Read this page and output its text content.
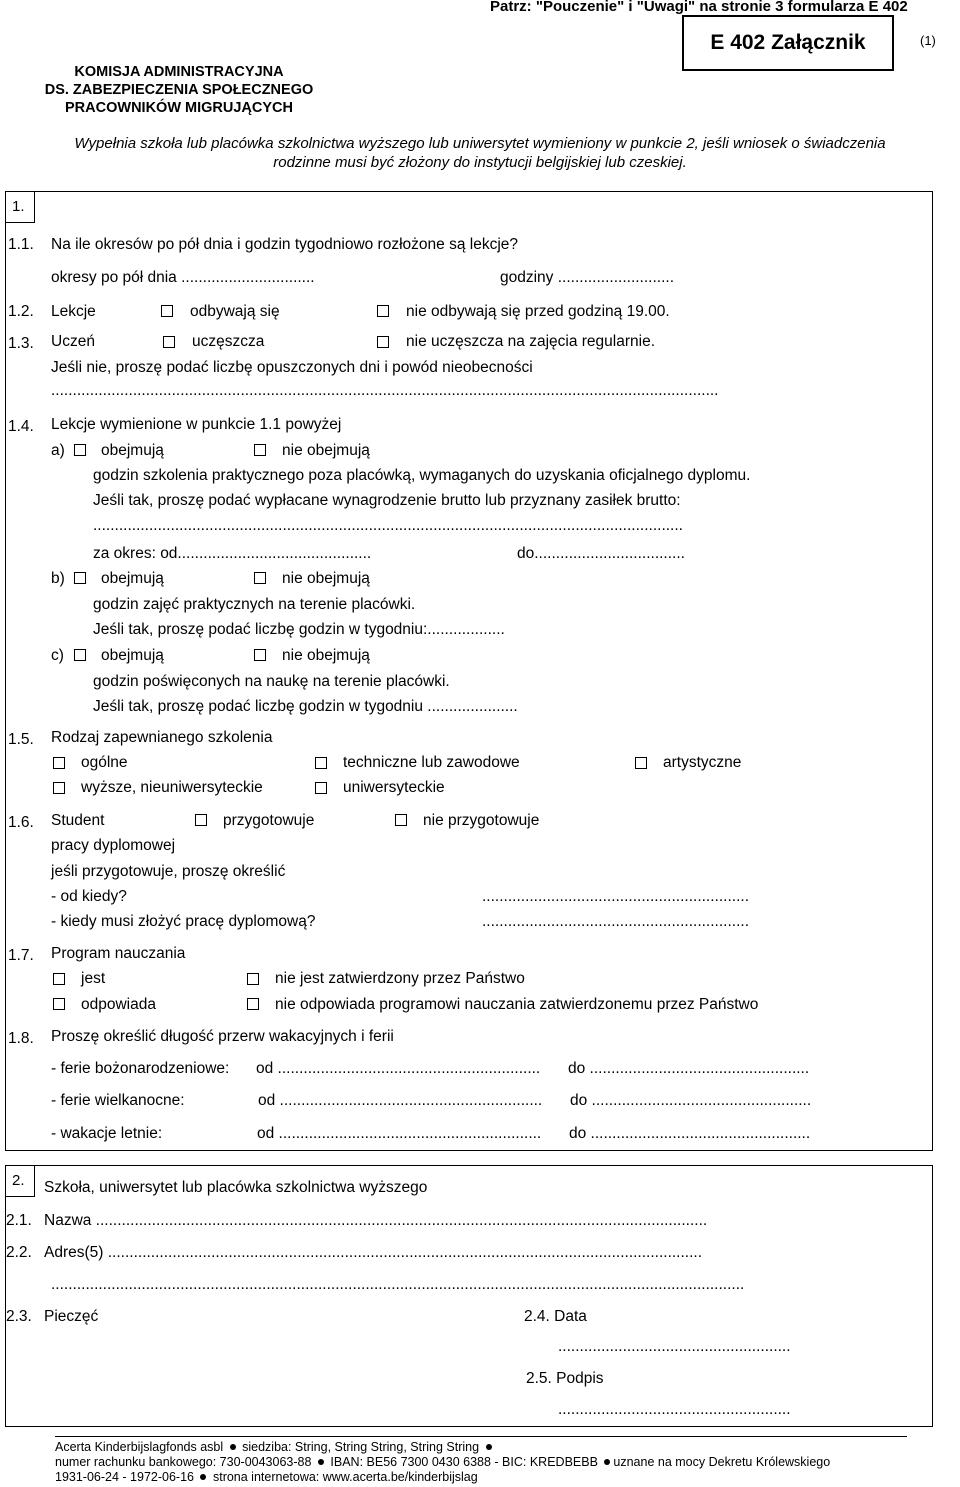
Patrz: "Pouczenie" i "Uwagi" na stronie 3 formularza E 402
KOMISJA ADMINISTRACYJNA
DS. ZABEZPIECZENIA SPOŁECZNEGO
PRACOWNIKÓW MIGRUJĄCYCH
E 402 Załącznik	(1)
Wypełnia szkoła lub placówka szkolnictwa wyższego lub uniwersytet wymieniony w punkcie 2, jeśli wniosek o świadczenia
rodzinne musi być złożony do instytucji belgijskiej lub czeskiej.
1.
1.1. Na ile okresów po pół dnia i godzin tygodniowo rozłożone są lekcje?
okresy po pół dnia ...............................	godziny ...........................
1.2. Lekcje	odbywają się	nie odbywają się przed godziną 19.00.
1.3. Uczeń	uczęszcza	nie uczęszcza na zajęcia regularnie.
Jeśli nie, proszę podać liczbę opuszczonych dni i powód nieobecności
...........................................................................................................................................................
1.4. Lekcje wymienione w punkcie 1.1 powyżej
a) obejmują	nie obejmują
godzin szkolenia praktycznego poza placówką, wymaganych do uzyskania oficjalnego dyplomu.
Jeśli tak, proszę podać wypłacane wynagrodzenie brutto lub przyznany zasiłek brutto:
.........................................................................................................................................
za okres: od.............................................	do...................................
b) obejmują	nie obejmują
godzin zajęć praktycznych na terenie placówki.
Jeśli tak, proszę podać liczbę godzin w tygodniu:..................
c) obejmują	nie obejmują
godzin poświęconych na naukę na terenie placówki.
Jeśli tak, proszę podać liczbę godzin w tygodniu .....................
1.5. Rodzaj zapewnianego szkolenia
ogólne	techniczne lub zawodowe	artystyczne
wyższe, nieuniwersyteckie	uniwersyteckie
1.6. Student	przygotowuje	nie przygotowuje
pracy dyplomowej
jeśli przygotowuje, proszę określić
- od kiedy?	..............................................................
- kiedy musi złożyć pracę dyplomową?	..............................................................
1.7. Program nauczania
jest	nie jest zatwierdzony przez Państwo
odpowiada	nie odpowiada programowi nauczania zatwierdzonemu przez Państwo
1.8. Proszę określić długość przerw wakacyjnych i ferii
- ferie bożonarodzeniowe: od ............................................................. do ...................................................
- ferie wielkanocne:	od ............................................................. do ...................................................
- wakacje letnie:	od ............................................................. do ...................................................
2.	Szkoła, uniwersytet lub placówka szkolnictwa wyższego
2.1. Nazwa ..............................................................................................................................................
2.2. Adres(5) ..........................................................................................................................................
.................................................................................................................................................................
2.3. Pieczęć	2.4. Data
......................................................
2.5. Podpis
......................................................
Acerta Kinderbijslagfonds asbl siedziba: String, String String, String String
numer rachunku bankowego: 730-0043063-88 IBAN: BE56 7300 0430 6388 - BIC: KREDBEBB uznane na mocy Dekretu Królewskiego
1931-06-24 - 1972-06-16 strona internetowa: www.acerta.be/kinderbijslag
